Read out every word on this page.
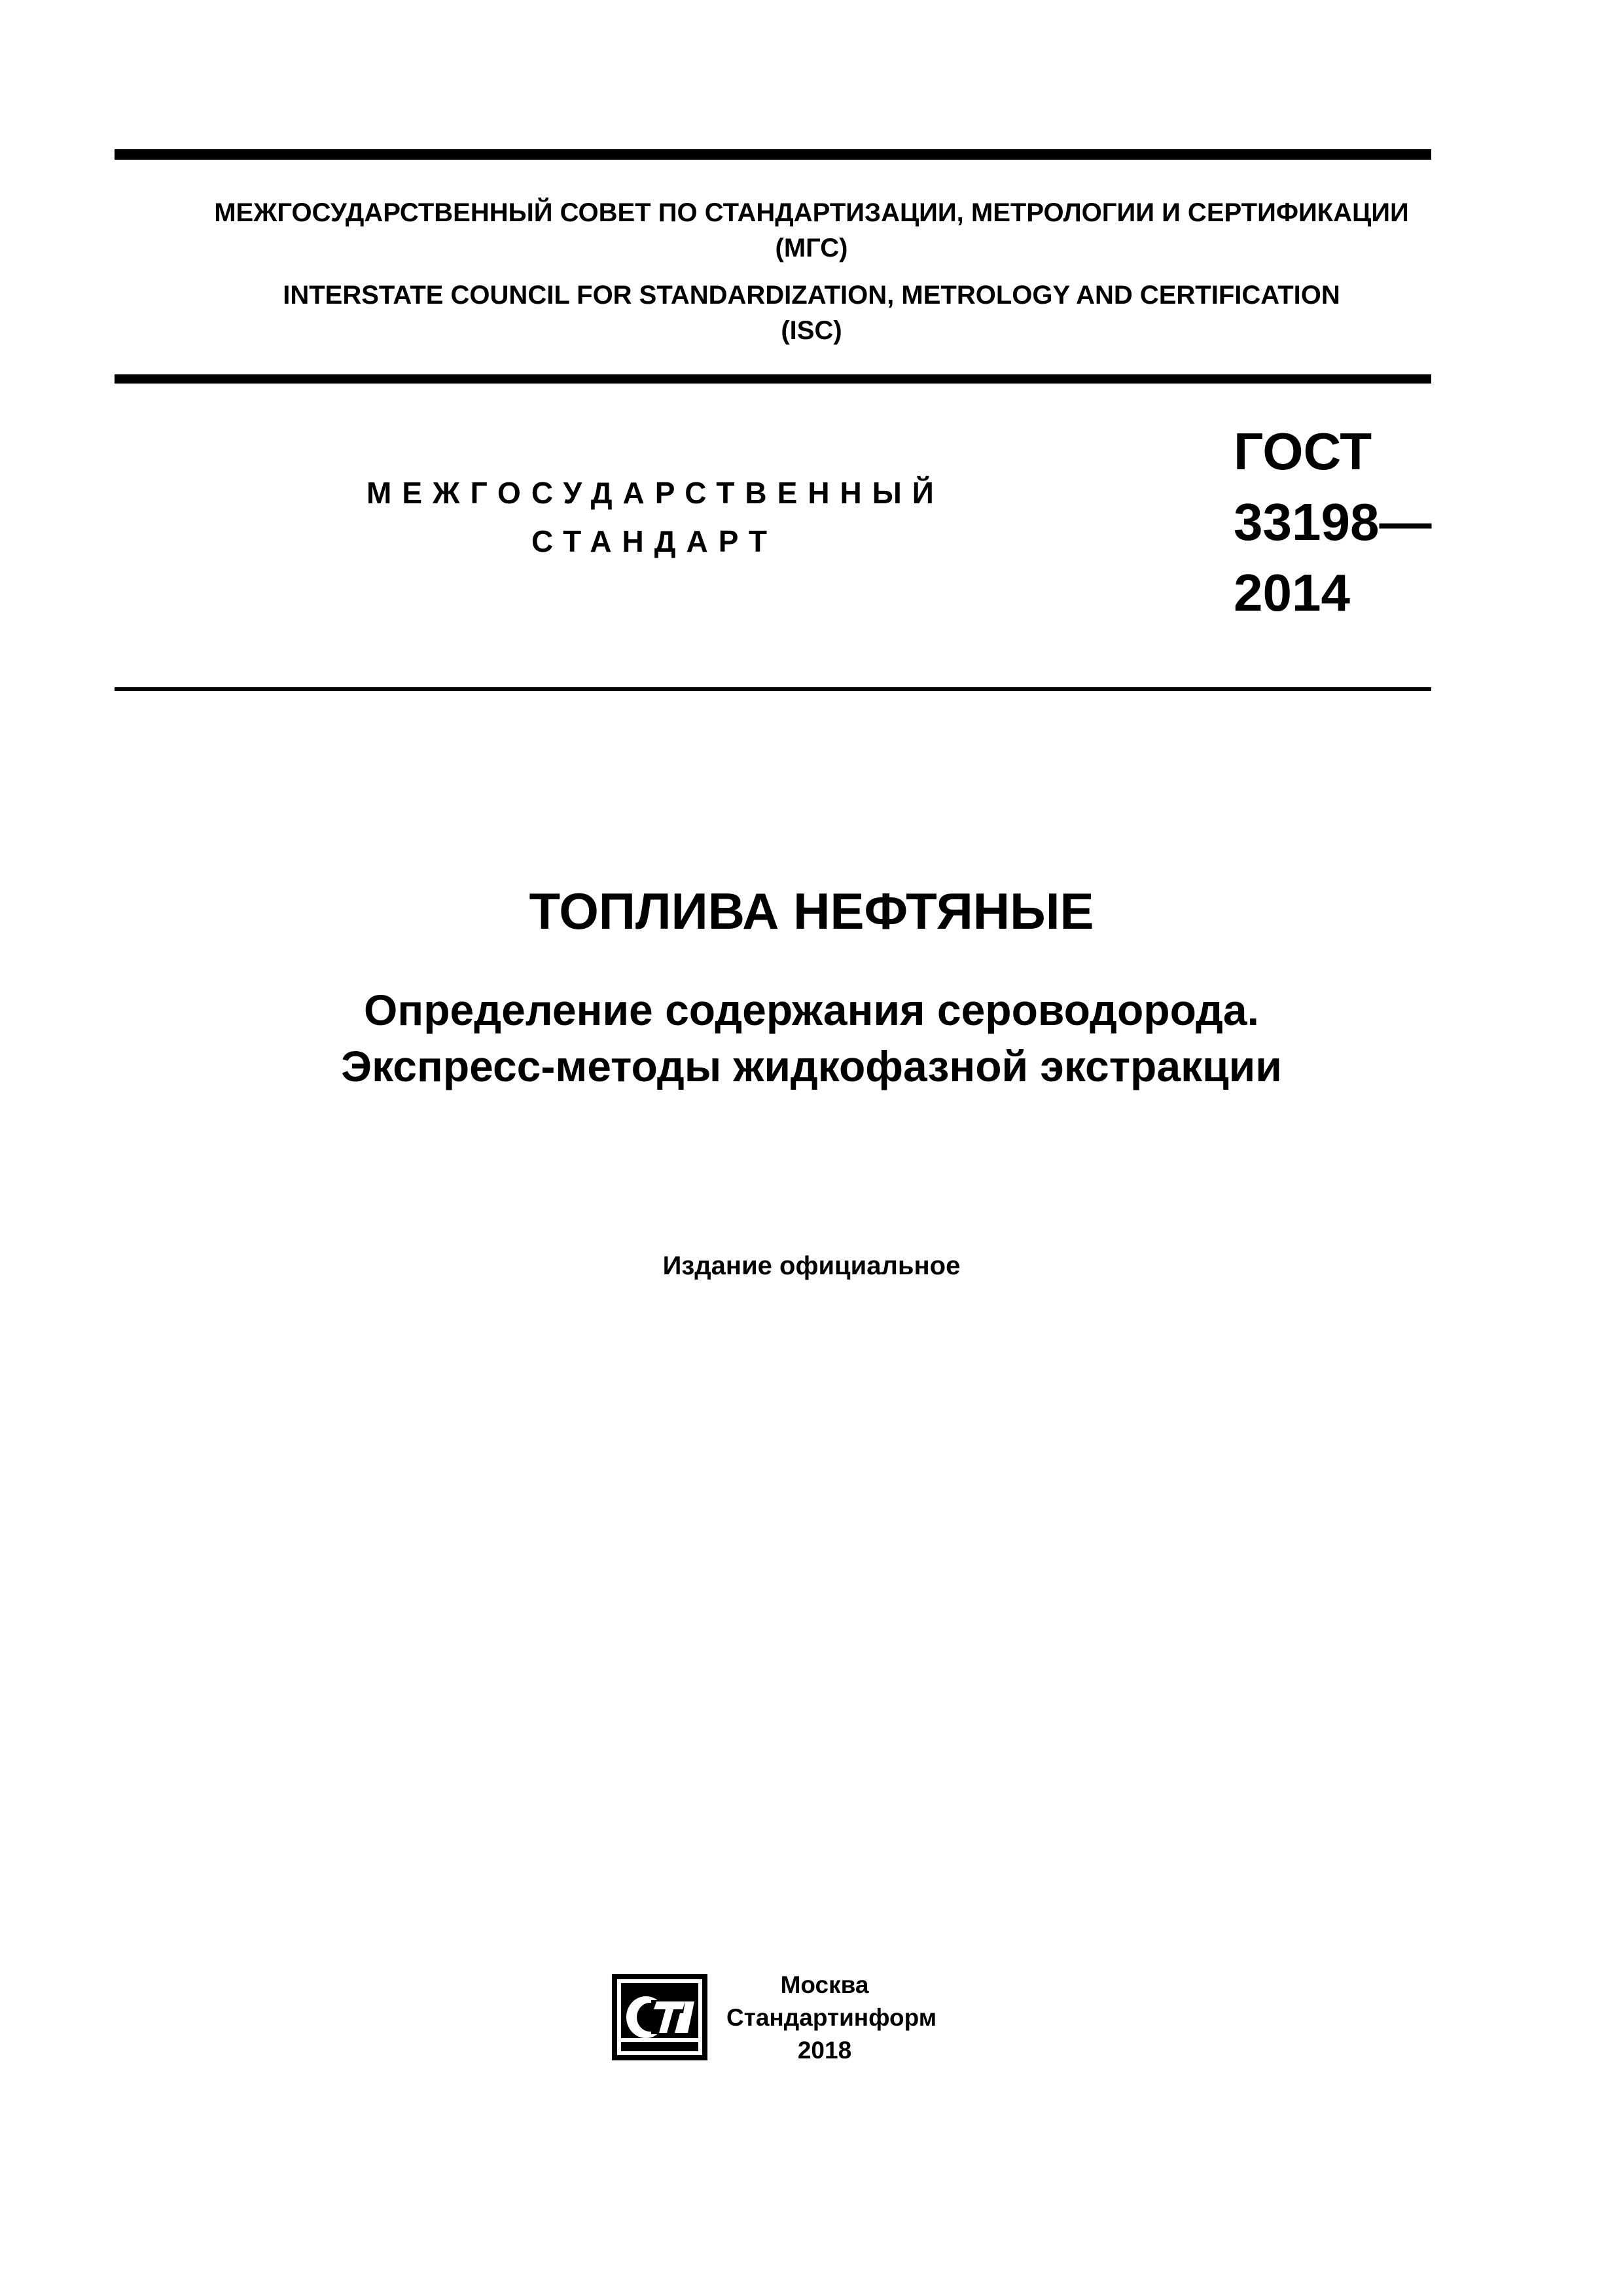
МЕЖГОСУДАРСТВЕННЫЙ СОВЕТ ПО СТАНДАРТИЗАЦИИ, МЕТРОЛОГИИ И СЕРТИФИКАЦИИ
(МГС)
INTERSTATE COUNCIL FOR STANDARDIZATION, METROLOGY AND CERTIFICATION
(ISC)
МЕЖГОСУДАРСТВЕННЫЙ
СТАНДАРТ
ГОСТ
33198—
2014
ТОПЛИВА НЕФТЯНЫЕ
Определение содержания сероводорода.
Экспресс-методы жидкофазной экстракции
Издание официальное
Москва
Стандартинформ
2018
